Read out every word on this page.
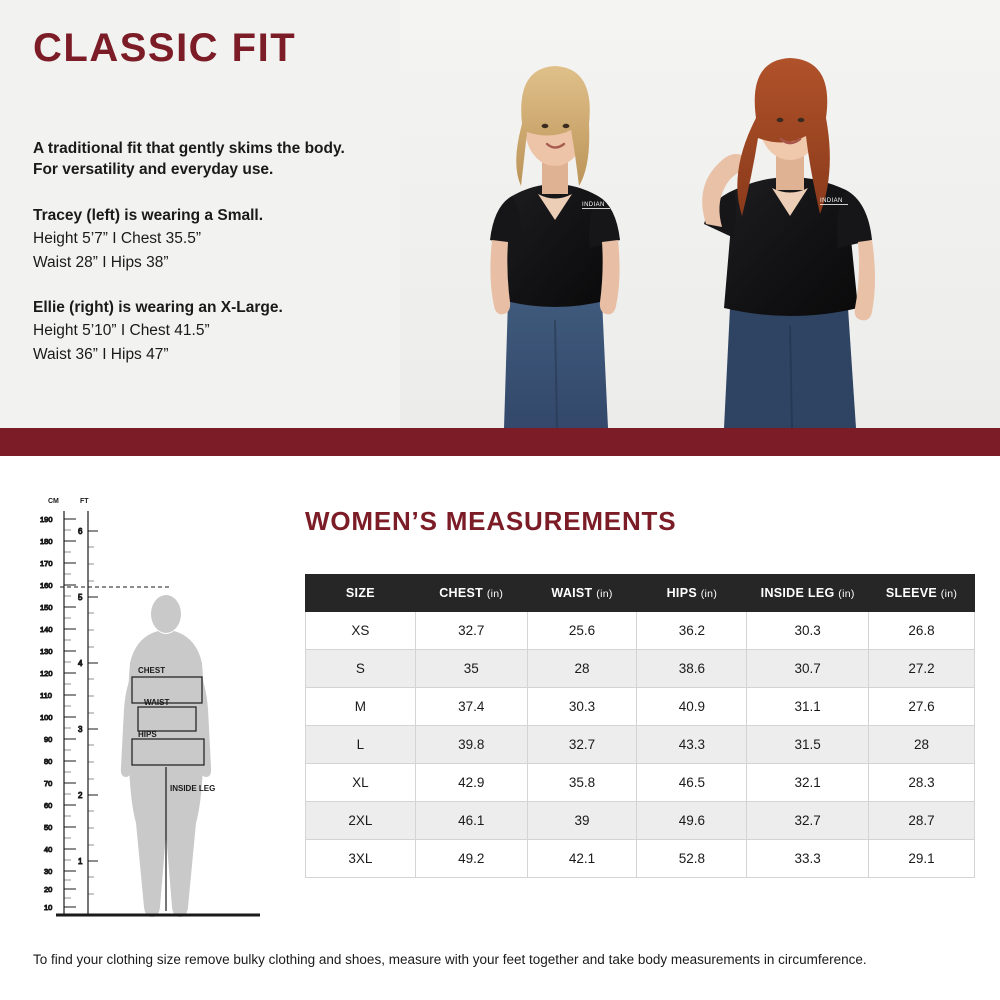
CLASSIC FIT

A traditional fit that gently skims the body. For versatility and everyday use.

Tracey (left) is wearing a Small.

Height 5’7” I Chest 35.5”

Waist 28” I Hips 38”

Ellie (right) is wearing an X-Large.

Height 5’10” I Chest 41.5”

Waist 36” I Hips 47”

INDIAN
INDIAN
CHEST
WAIST
HIPS
INSIDE LEG
CM	FT
190
180
170
160
150
140
130
120
110
100
90
80
70
60
50
40
30
20
10
6
5
4
3
2
1
WOMEN’S MEASUREMENTS
SIZE	CHEST (in)	WAIST (in)	HIPS (in)	INSIDE LEG (in)	SLEEVE (in)
XS	32.7	25.6	36.2	30.3	26.8
S	35	28	38.6	30.7	27.2
M	37.4	30.3	40.9	31.1	27.6
L	39.8	32.7	43.3	31.5	28
XL	42.9	35.8	46.5	32.1	28.3
2XL	46.1	39	49.6	32.7	28.7
3XL	49.2	42.1	52.8	33.3	29.1
To find your clothing size remove bulky clothing and shoes, measure with your feet together and take body measurements in circumference.
